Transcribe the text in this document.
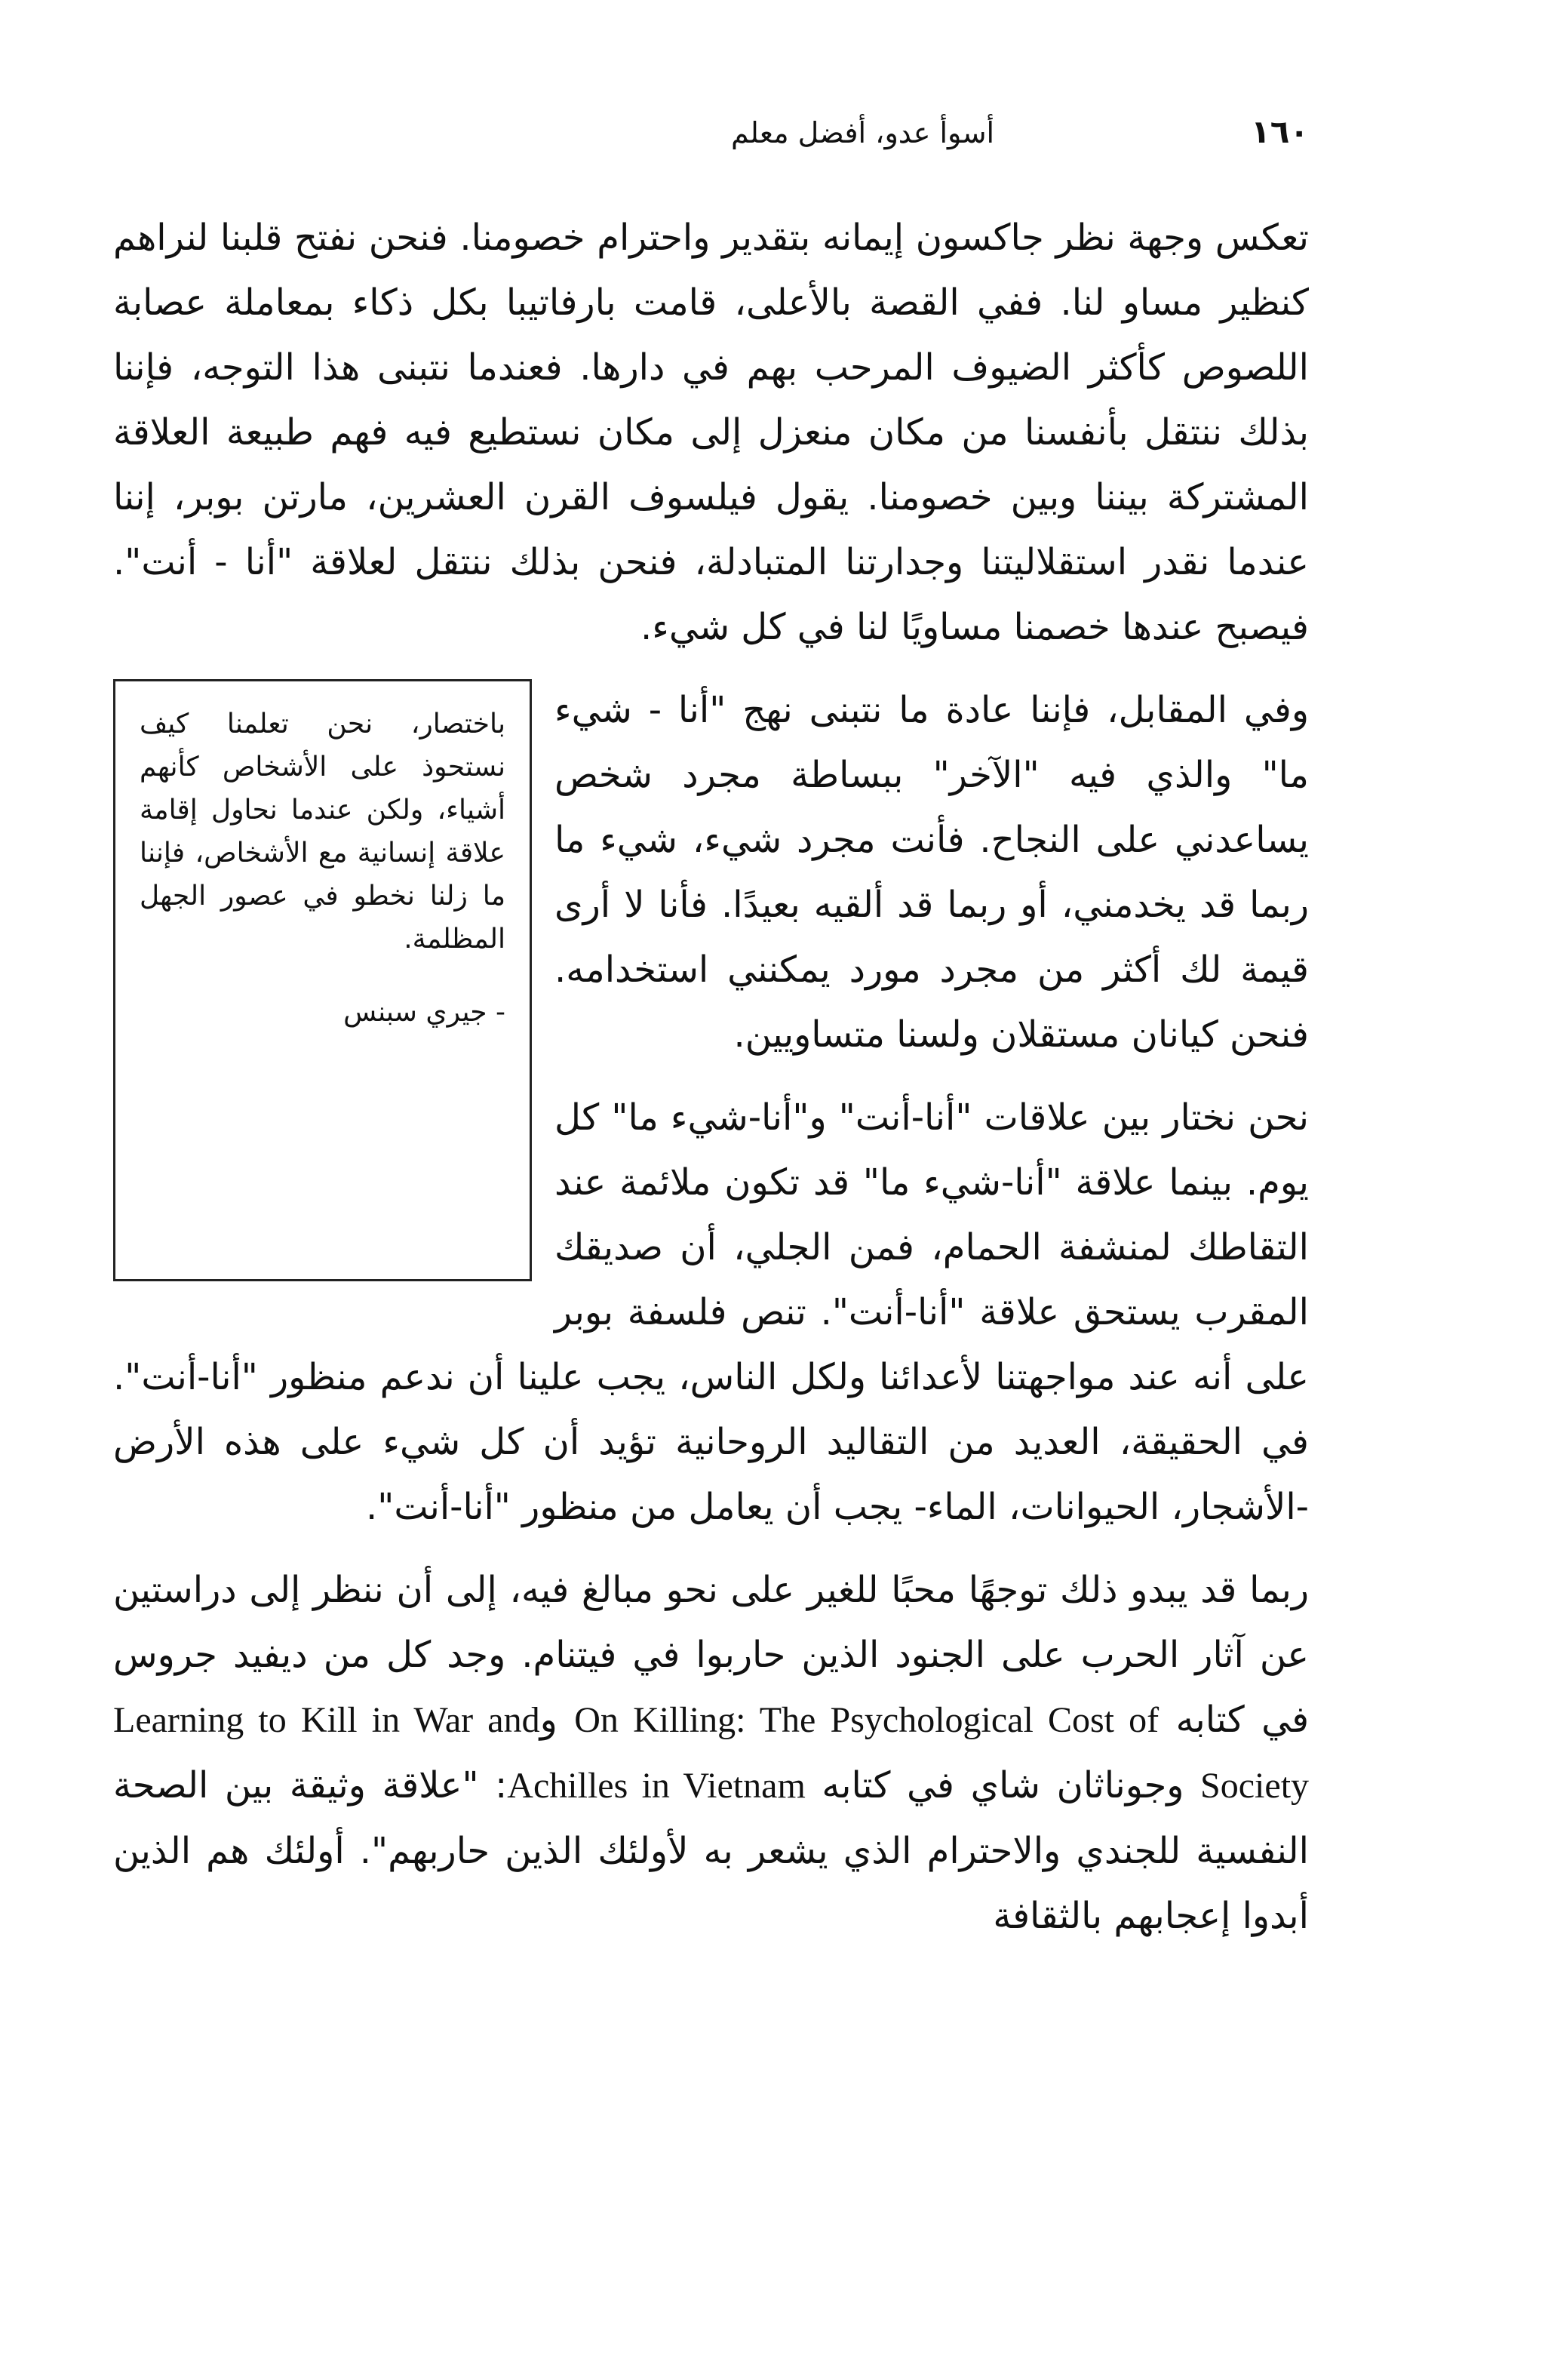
١٦٠
أسوأ عدو، أفضل معلم

تعكس وجهة نظر جاكسون إيمانه بتقدير واحترام خصومنا. فنحن نفتح قلبنا لنراهم كنظير مساو لنا. ففي القصة بالأعلى، قامت بارفاتيبا بكل ذكاء بمعاملة عصابة اللصوص كأكثر الضيوف المرحب بهم في دارها. فعندما نتبنى هذا التوجه، فإننا بذلك ننتقل بأنفسنا من مكان منعزل إلى مكان نستطيع فيه فهم طبيعة العلاقة المشتركة بيننا وبين خصومنا. يقول فيلسوف القرن العشرين، مارتن بوبر، إننا عندما نقدر استقلاليتنا وجدارتنا المتبادلة، فنحن بذلك ننتقل لعلاقة "أنا - أنت". فيصبح عندها خصمنا مساويًا لنا في كل شيء.

باختصار، نحن تعلمنا كيف نستحوذ على الأشخاص كأنهم أشياء، ولكن عندما نحاول إقامة علاقة إنسانية مع الأشخاص، فإننا ما زلنا نخطو في عصور الجهل المظلمة.

- جيري سبنس

وفي المقابل، فإننا عادة ما نتبنى نهج "أنا - شيء ما" والذي فيه "الآخر" ببساطة مجرد شخص يساعدني على النجاح. فأنت مجرد شيء، شيء ما ربما قد يخدمني، أو ربما قد ألقيه بعيدًا. فأنا لا أرى قيمة لك أكثر من مجرد مورد يمكنني استخدامه. فنحن كيانان مستقلان ولسنا متساويين.

نحن نختار بين علاقات "أنا-أنت" و"أنا-شيء ما" كل يوم. بينما علاقة "أنا-شيء ما" قد تكون ملائمة عند التقاطك لمنشفة الحمام، فمن الجلي، أن صديقك المقرب يستحق علاقة "أنا-أنت". تنص فلسفة بوبر على أنه عند مواجهتنا لأعدائنا ولكل الناس، يجب علينا أن ندعم منظور "أنا-أنت". في الحقيقة، العديد من التقاليد الروحانية تؤيد أن كل شيء على هذه الأرض -الأشجار، الحيوانات، الماء- يجب أن يعامل من منظور "أنا-أنت".

ربما قد يبدو ذلك توجهًا محبًا للغير على نحو مبالغ فيه، إلى أن ننظر إلى دراستين عن آثار الحرب على الجنود الذين حاربوا في فيتنام. وجد كل من ديفيد جروس في كتابه On Killing: The Psychological Cost of وLearning to Kill in War and Society وجوناثان شاي في كتابه Achilles in Vietnam: "علاقة وثيقة بين الصحة النفسية للجندي والاحترام الذي يشعر به لأولئك الذين حاربهم". أولئك هم الذين أبدوا إعجابهم بالثقافة
